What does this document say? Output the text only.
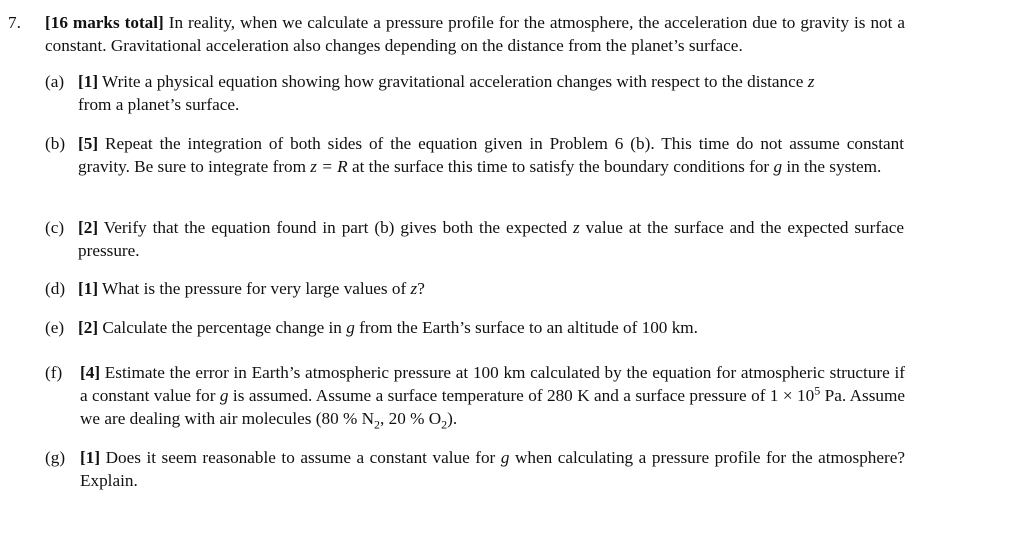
7. [16 marks total] In reality, when we calculate a pressure profile for the atmosphere, the acceleration due to gravity is not a constant. Gravitational acceleration also changes depending on the distance from the planet’s surface.
(a) [1] Write a physical equation showing how gravitational acceleration changes with respect to the distance z
from a planet’s surface.
(b) [5] Repeat the integration of both sides of the equation given in Problem 6 (b). This time do not assume constant gravity. Be sure to integrate from z = R at the surface this time to satisfy the boundary conditions for g in the system.
(c) [2] Verify that the equation found in part (b) gives both the expected z value at the surface and the expected surface pressure.
(d) [1] What is the pressure for very large values of z?
(e) [2] Calculate the percentage change in g from the Earth’s surface to an altitude of 100 km.
(f)	[4] Estimate the error in Earth’s atmospheric pressure at 100 km calculated by the equation for atmospheric structure if a constant value for g is assumed. Assume a surface temperature of 280 K and a surface pressure of $1 \times 10^5$ Pa. Assume we are dealing with air molecules (80 % $N_2$, 20 % $O_2$).
(g) [1] Does it seem reasonable to assume a constant value for g when calculating a pressure profile for the atmosphere? Explain.
